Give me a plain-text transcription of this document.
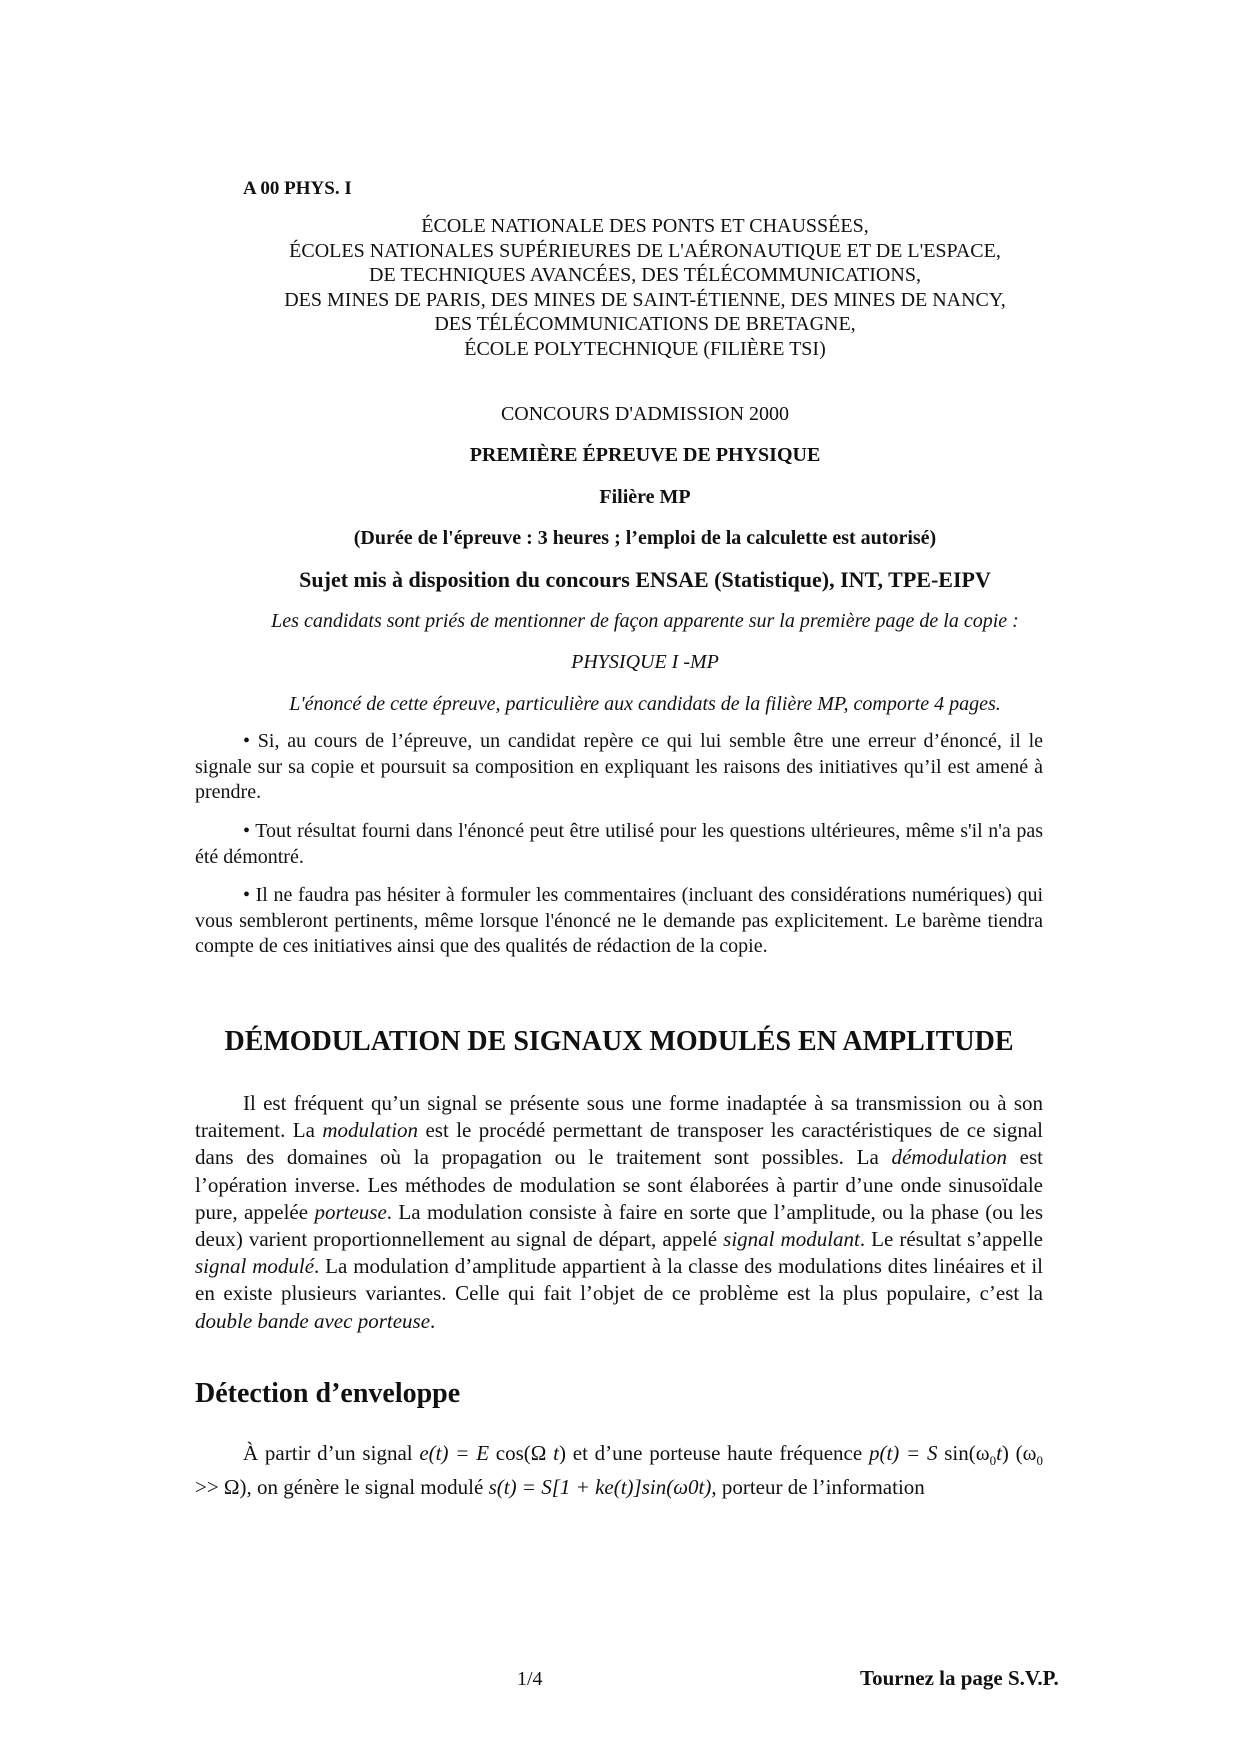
A 00 PHYS. I
ÉCOLE NATIONALE DES PONTS ET CHAUSSÉES,
ÉCOLES NATIONALES SUPÉRIEURES DE L'AÉRONAUTIQUE ET DE L'ESPACE,
DE TECHNIQUES AVANCÉES, DES TÉLÉCOMMUNICATIONS,
DES MINES DE PARIS, DES MINES DE SAINT-ÉTIENNE, DES MINES DE NANCY,
DES TÉLÉCOMMUNICATIONS DE BRETAGNE,
ÉCOLE POLYTECHNIQUE (FILIÈRE TSI)
CONCOURS D'ADMISSION 2000
PREMIÈRE ÉPREUVE DE PHYSIQUE
Filière MP
(Durée de l'épreuve : 3 heures ; l’emploi de la calculette est autorisé)
Sujet mis à disposition du concours ENSAE (Statistique), INT, TPE-EIPV
Les candidats sont priés de mentionner de façon apparente sur la première page de la copie :
PHYSIQUE I -MP
L'énoncé de cette épreuve, particulière aux candidats de la filière MP, comporte 4 pages.

• Si, au cours de l’épreuve, un candidat repère ce qui lui semble être une erreur d’énoncé, il le signale sur sa copie et poursuit sa composition en expliquant les raisons des initiatives qu’il est amené à prendre.

• Tout résultat fourni dans l'énoncé peut être utilisé pour les questions ultérieures, même s'il n'a pas été démontré.

• Il ne faudra pas hésiter à formuler les commentaires (incluant des considérations numériques) qui vous sembleront pertinents, même lorsque l'énoncé ne le demande pas explicitement. Le barème tiendra compte de ces initiatives ainsi que des qualités de rédaction de la copie.

DÉMODULATION DE SIGNAUX MODULÉS EN AMPLITUDE

Il est fréquent qu’un signal se présente sous une forme inadaptée à sa transmission ou à son traitement. La modulation est le procédé permettant de transposer les caractéristiques de ce signal dans des domaines où la propagation ou le traitement sont possibles. La démodulation est l’opération inverse. Les méthodes de modulation se sont élaborées à partir d’une onde sinusoïdale pure, appelée porteuse. La modulation consiste à faire en sorte que l’amplitude, ou la phase (ou les deux) varient proportionnellement au signal de départ, appelé signal modulant. Le résultat s’appelle signal modulé. La modulation d’amplitude appartient à la classe des modulations dites linéaires et il en existe plusieurs variantes. Celle qui fait l’objet de ce problème est la plus populaire, c’est la double bande avec porteuse.

Détection d’enveloppe

À partir d’un signal e(t) = E cos(Ω t) et d’une porteuse haute fréquence p(t) = S $\sin(\omega_0t) (\omega_0 >> \Omega)$, on génère le signal modulé s(t) = S[1 + ke(t)]sin(ω0t), porteur de l’information

1/4	Tournez la page S.V.P.
